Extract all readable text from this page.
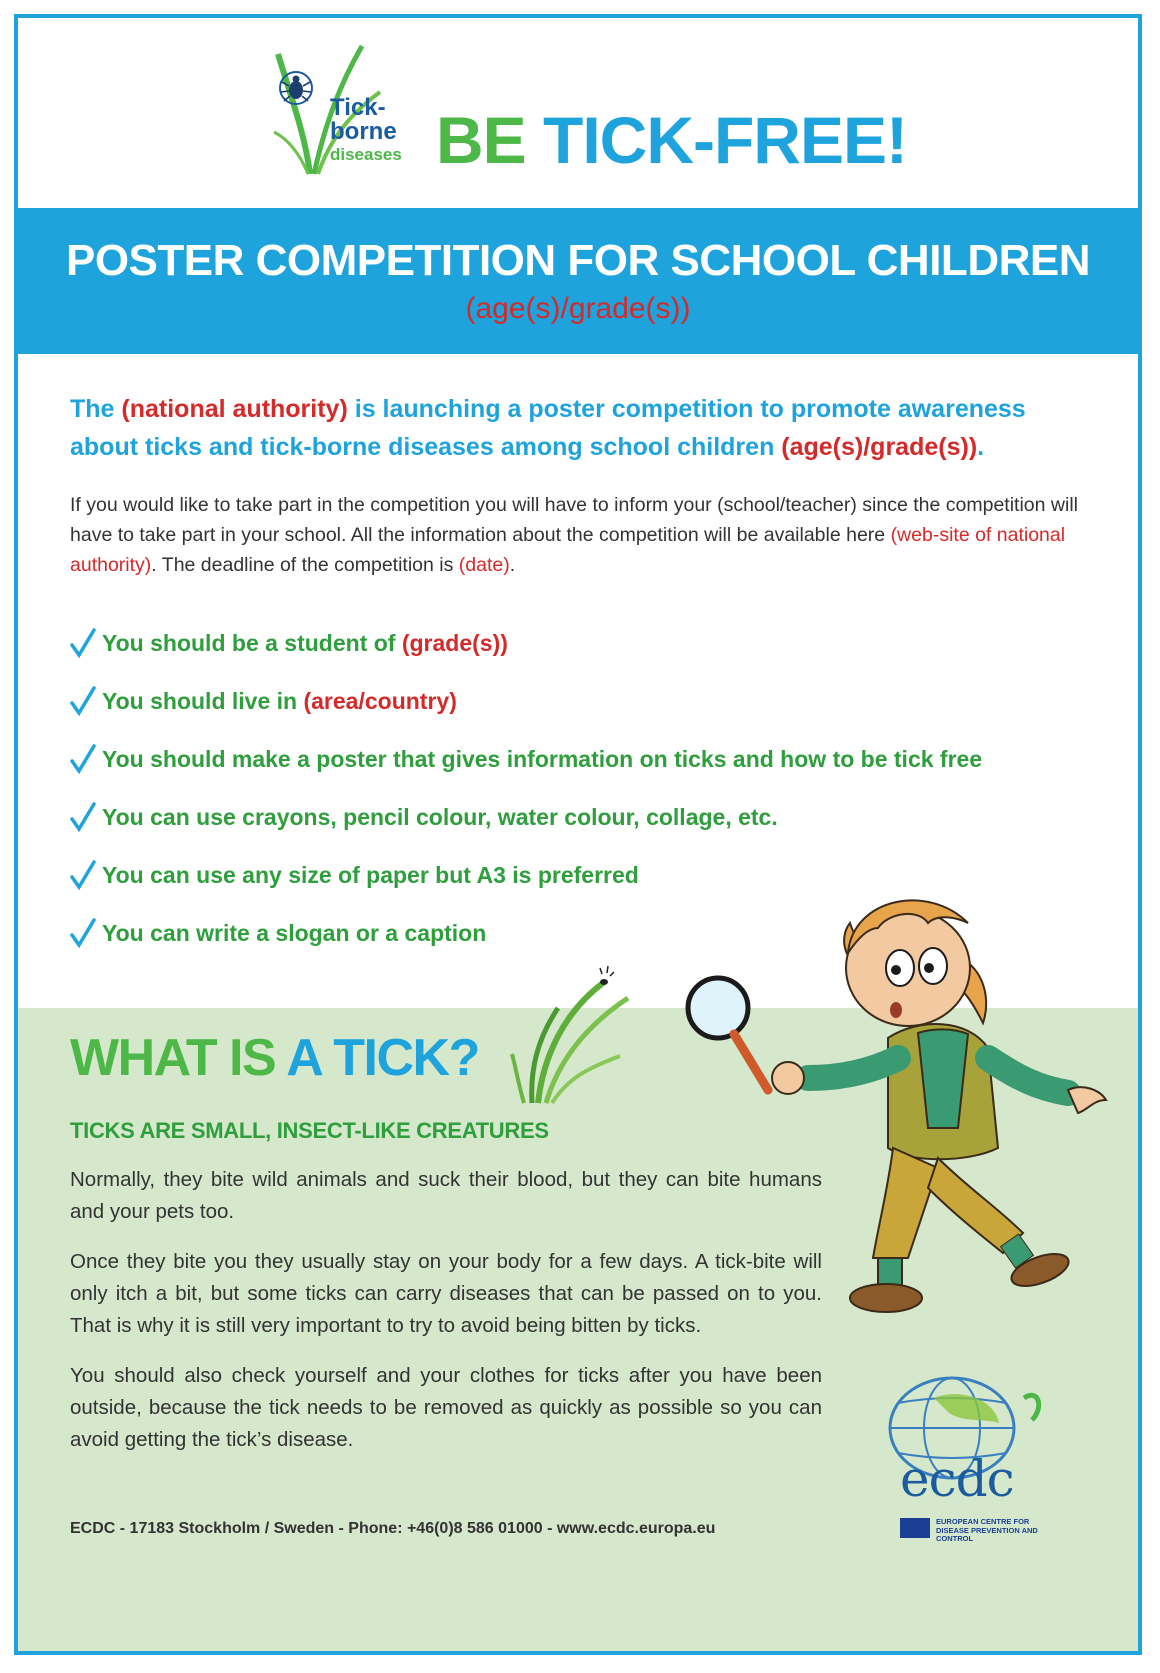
Tick-
borne
diseases BE TICK-FREE!
POSTER COMPETITION FOR SCHOOL CHILDREN
(age(s)/grade(s))
The (national authority) is launching a poster competition to promote awareness about ticks and tick-borne diseases among school children (age(s)/grade(s)).
If you would like to take part in the competition you will have to inform your (school/teacher) since the competition will have to take part in your school. All the information about the competition will be available here (web-site of national authority). The deadline of the competition is (date).
You should be a student of
(grade(s))
You should live in
(area/country)
You should make a poster that gives information on ticks and how to be tick free
You can use crayons, pencil colour, water colour, collage, etc.
You can use any size of paper but A3 is preferred
You can write a slogan or a caption
WHAT IS A TICK?
TICKS ARE SMALL, INSECT-LIKE CREATURES
Normally, they bite wild animals and suck their blood, but they can bite humans and your pets too.
Once they bite you they usually stay on your body for a few days. A tick-bite will only itch a bit, but some ticks can carry diseases that can be passed on to you. That is why it is still very important to try to avoid being bitten by ticks.
You should also check yourself and your clothes for ticks after you have been outside, because the tick needs to be removed as quickly as possible so you can avoid getting the tick’s disease.
ecdc
EUROPEAN CENTRE FOR DISEASE PREVENTION AND CONTROL
ECDC - 17183 Stockholm / Sweden - Phone: +46(0)8 586 01000 - www.ecdc.europa.eu
